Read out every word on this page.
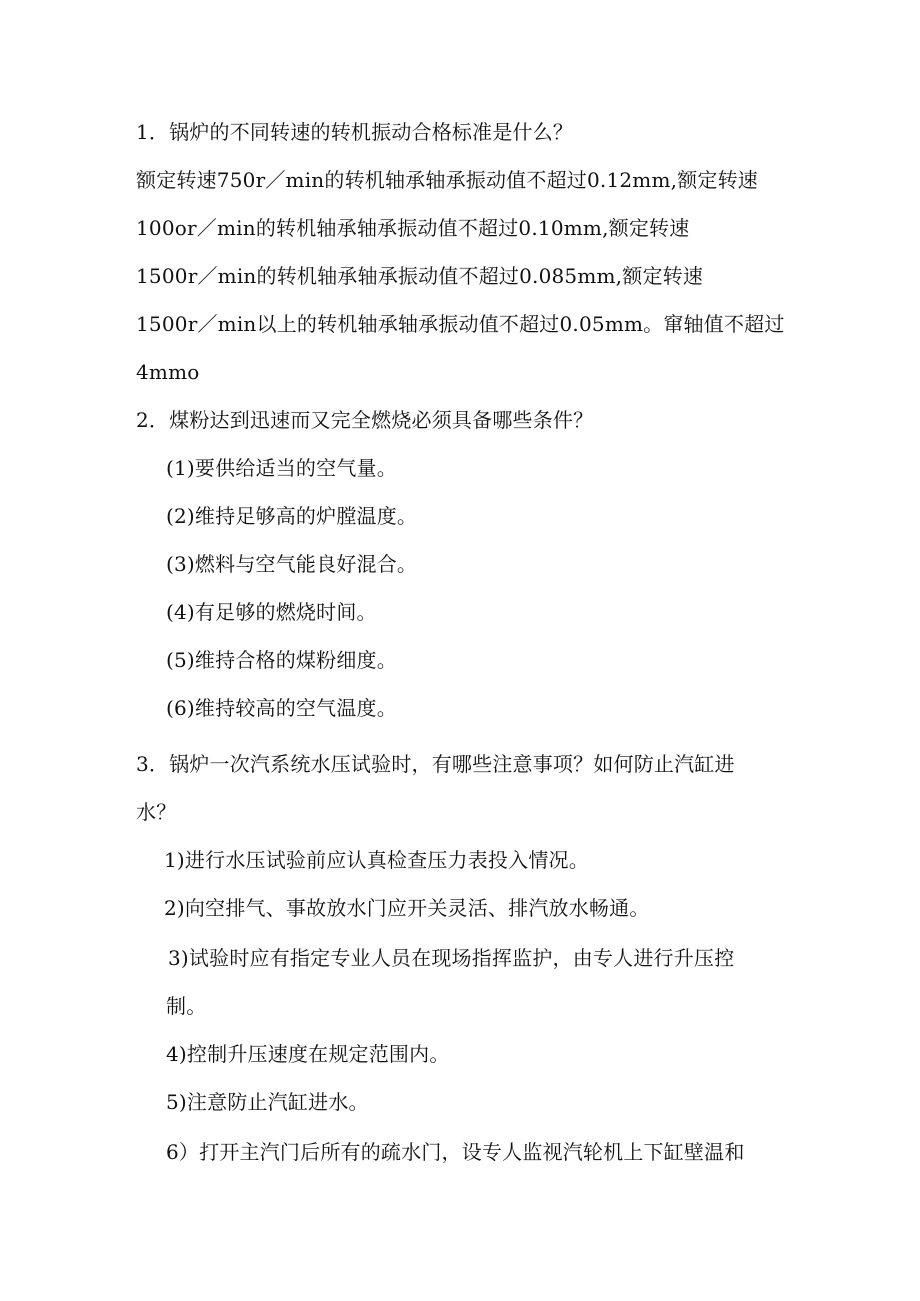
1．锅炉的不同转速的转机振动合格标准是什么？
额定转速750r／min的转机轴承轴承振动值不超过0.12mm,额定转速
100or／min的转机轴承轴承振动值不超过0.10mm,额定转速
1500r／min的转机轴承轴承振动值不超过0.085mm,额定转速
1500r／min以上的转机轴承轴承振动值不超过0.05mm。窜轴值不超过
4mmo
2．煤粉达到迅速而又完全燃烧必须具备哪些条件？
(1)要供给适当的空气量。
(2)维持足够高的炉膛温度。
(3)燃料与空气能良好混合。
(4)有足够的燃烧时间。
(5)维持合格的煤粉细度。
(6)维持较高的空气温度。
3．锅炉一次汽系统水压试验时，有哪些注意事项？如何防止汽缸进
水？
1)进行水压试验前应认真检查压力表投入情况。
2)向空排气、事故放水门应开关灵活、排汽放水畅通。
3)试验时应有指定专业人员在现场指挥监护，由专人进行升压控
制。
4)控制升压速度在规定范围内。
5)注意防止汽缸进水。
6）打开主汽门后所有的疏水门，设专人监视汽轮机上下缸壁温和
